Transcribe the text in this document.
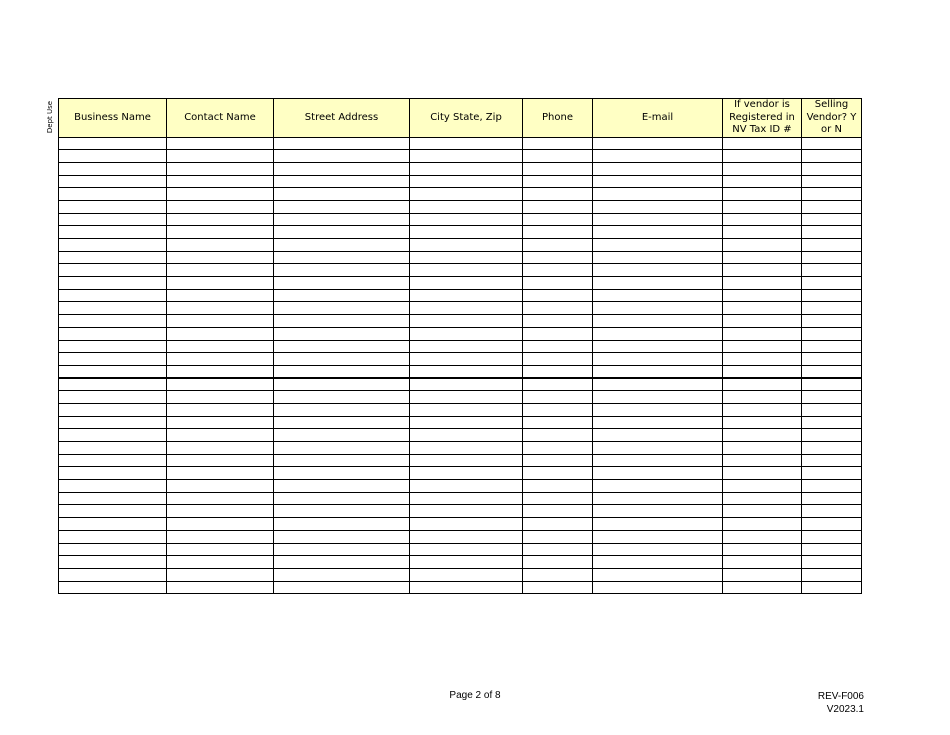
Dept Use Business Name	Contact Name	Street Address	City State, Zip	Phone	E-mail	If vendor is Registered in NV Tax ID #	Selling Vendor? Y or N

Page 2 of 8	REV-F006
V2023.1
